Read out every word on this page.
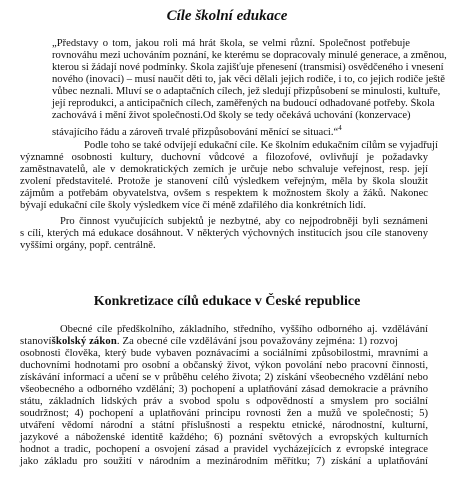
Cíle školní edukace
„Představy o tom, jakou roli má hrát škola, se velmi různí. Společnost potřebuje
rovnováhu mezi uchováním poznání, ke kterému se dopracovaly minulé generace, a změnou,
kterou si žádají nové podmínky. Škola zajišťuje přenesení (transmisi) osvědčeného i vnesení
nového (inovaci) – musí naučit děti to, jak věci dělali jejich rodiče, i to, co jejich rodiče ještě
vůbec neznali. Mluví se o adaptačních cílech, jež sledují přizpůsobení se minulosti, kultuře,
její reprodukci, a anticipačních cílech, zaměřených na budoucí odhadované potřeby. Škola
zachovává i mění život společnosti.Od školy se tedy očekává uchování (konzervace)
stávajícího řádu a zároveň trvalé přizpůsobování měnící se situaci.“$^4$
Podle toho se také odvíjejí edukační cíle. Ke školním edukačním cílům se vyjadřují
významné osobnosti kultury, duchovní vůdcové a filozofové, ovlivňují je požadavky
zaměstnavatelů, ale v demokratických zemích je určuje nebo schvaluje veřejnost, resp. její
zvolení představitelé. Protože je stanovení cílů výsledkem veřejným, měla by škola sloužit
zájmům a potřebám obyvatelstva, ovšem s respektem k možnostem školy a žáků. Nakonec
bývají edukační cíle školy výsledkem více či méně zdařilého dia konkrétních lidí.
Pro činnost vyučujících subjektů je nezbytné, aby co nejpodrobněji byli seznámeni
s cíli, kterých má edukace dosáhnout. V některých výchovných institucích jsou cíle stanoveny
vyššími orgány, popř. centrálně.
Konkretizace cílů edukace v České republice
Obecné cíle předškolního, základního, středního, vyššího odborného aj. vzdělávání
stanovíškolský zákon. Za obecné cíle vzdělávání jsou považovány zejména: 1) rozvoj
osobnosti člověka, který bude vybaven poznávacími a sociálními způsobilostmi, mravními a
duchovními hodnotami pro osobní a občanský život, výkon povolání nebo pracovní činnosti,
získávání informací a učení se v průběhu celého života; 2) získání všeobecného vzdělání nebo
všeobecného a odborného vzdělání; 3) pochopení a uplatňování zásad demokracie a právního
státu, základních lidských práv a svobod spolu s odpovědností a smyslem pro sociální
soudržnost; 4) pochopení a uplatňování principu rovnosti žen a mužů ve společnosti; 5)
utváření vědomí národní a státní příslušnosti a respektu etnické, národnostní, kulturní,
jazykové a náboženské identitě každého; 6) poznání světových a evropských kulturních
hodnot a tradic, pochopení a osvojení zásad a pravidel vycházejících z evropské integrace
jako základu pro soužití v národním a mezinárodním měřítku; 7) získání a uplatňování
